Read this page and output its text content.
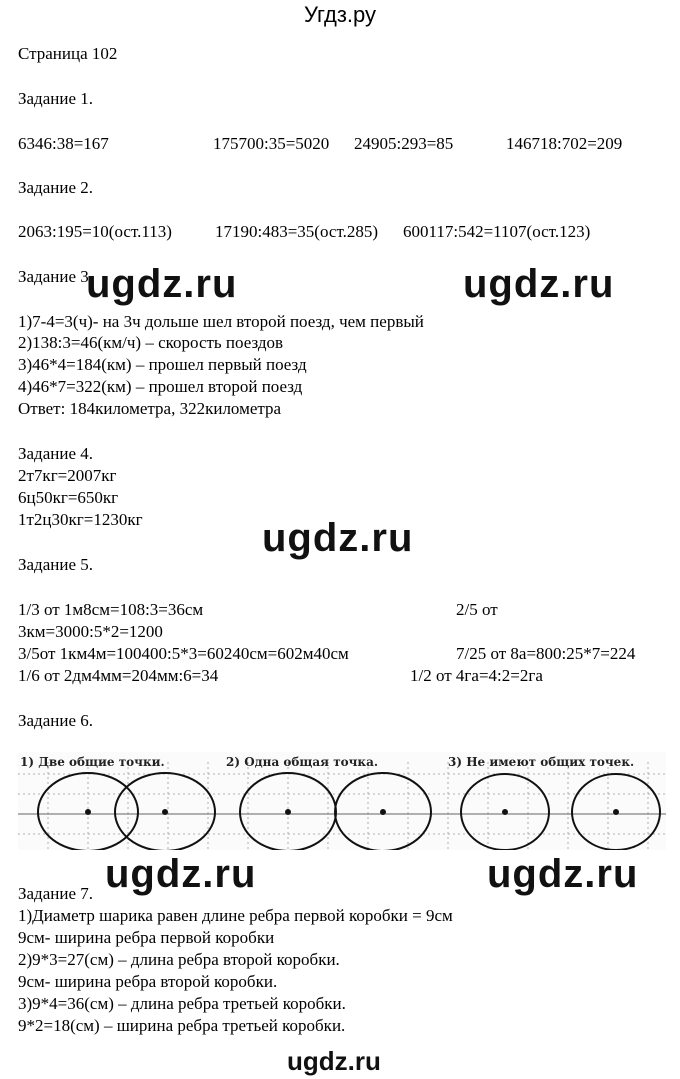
Угдз.ру
Страница 102
Задание 1.
6346:38=167	175700:35=5020 24905:293=85	146718:702=209
Задание 2.
2063:195=10(ост.113)	17190:483=35(ост.285) 600117:542=1107(ост.123)
Задание 3.
1)7-4=3(ч)- на 3ч дольше шел второй поезд, чем первый
2)138:3=46(км/ч) – скорость поездов
3)46*4=184(км) – прошел первый поезд
4)46*7=322(км) – прошел второй поезд
Ответ: 184километра, 322километра
Задание 4.
2т7кг=2007кг
6ц50кг=650кг
1т2ц30кг=1230кг
Задание 5.
1/3 от 1м8см=108:3=36см	2/5 от
3км=3000:5*2=1200
3/5от 1км4м=100400:5*3=60240см=602м40см	7/25 от 8а=800:25*7=224
1/6 от 2дм4мм=204мм:6=34	1/2 от 4га=4:2=2га
Задание 6.
1) Две общие точки.	2) Одна общая точка.	3) Не имеют общих точек.
Задание 7.
1)Диаметр шарика равен длине ребра первой коробки = 9см
9см- ширина ребра первой коробки
2)9*3=27(см) – длина ребра второй коробки.
9см- ширина ребра второй коробки.
3)9*4=36(см) – длина ребра третьей коробки.
9*2=18(см) – ширина ребра третьей коробки.
ugdz.ru	ugdz.ru
ugdz.ru
ugdz.ru	ugdz.ru
ugdz.ru
